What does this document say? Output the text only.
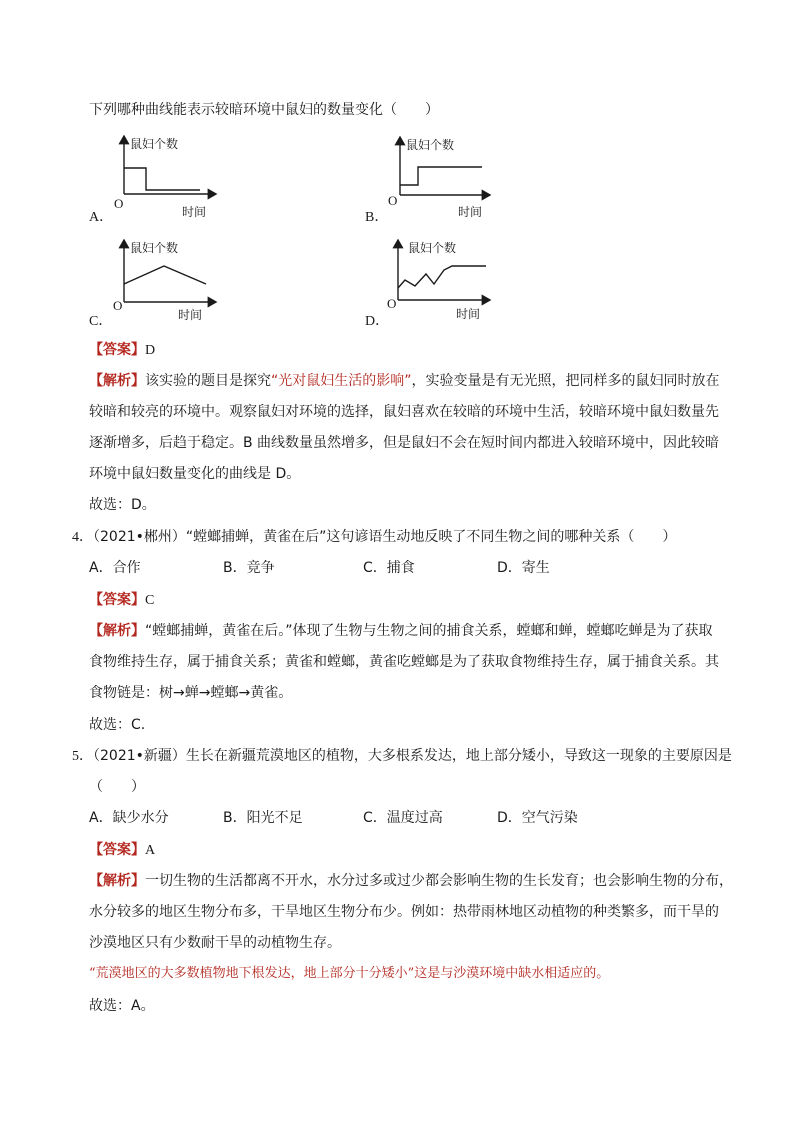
下列哪种曲线能表示较暗环境中鼠妇的数量变化（　　）
鼠妇个数
时间
O
A．
鼠妇个数
时间
O
B．
鼠妇个数
时间
O
C．
鼠妇个数
时间
O
D．
【答案】D
【解析】该实验的题目是探究“光对鼠妇生活的影响”，实验变量是有无光照，把同样多的鼠妇同时放在
较暗和较亮的环境中。观察鼠妇对环境的选择，鼠妇喜欢在较暗的环境中生活，较暗环境中鼠妇数量先
逐渐增多，后趋于稳定。B 曲线数量虽然增多，但是鼠妇不会在短时间内都进入较暗环境中，因此较暗
环境中鼠妇数量变化的曲线是 D。
故选：D。
4．（2021•郴州）“螳螂捕蝉，黄雀在后”这句谚语生动地反映了不同生物之间的哪种关系（　　）
A．合作	B．竞争	C．捕食	D．寄生
【答案】C
【解析】“螳螂捕蝉，黄雀在后。”体现了生物与生物之间的捕食关系，螳螂和蝉，螳螂吃蝉是为了获取
食物维持生存，属于捕食关系；黄雀和螳螂，黄雀吃螳螂是为了获取食物维持生存，属于捕食关系。其
食物链是：树→蝉→螳螂→黄雀。
故选：C.
5．（2021•新疆）生长在新疆荒漠地区的植物，大多根系发达，地上部分矮小，导致这一现象的主要原因是
（　　）
A．缺少水分	B．阳光不足	C．温度过高	D．空气污染
【答案】A
【解析】一切生物的生活都离不开水，水分过多或过少都会影响生物的生长发育；也会影响生物的分布，
水分较多的地区生物分布多，干旱地区生物分布少。例如：热带雨林地区动植物的种类繁多，而干旱的
沙漠地区只有少数耐干旱的动植物生存。
“荒漠地区的大多数植物地下根发达，地上部分十分矮小”这是与沙漠环境中缺水相适应的。
故选：A。
